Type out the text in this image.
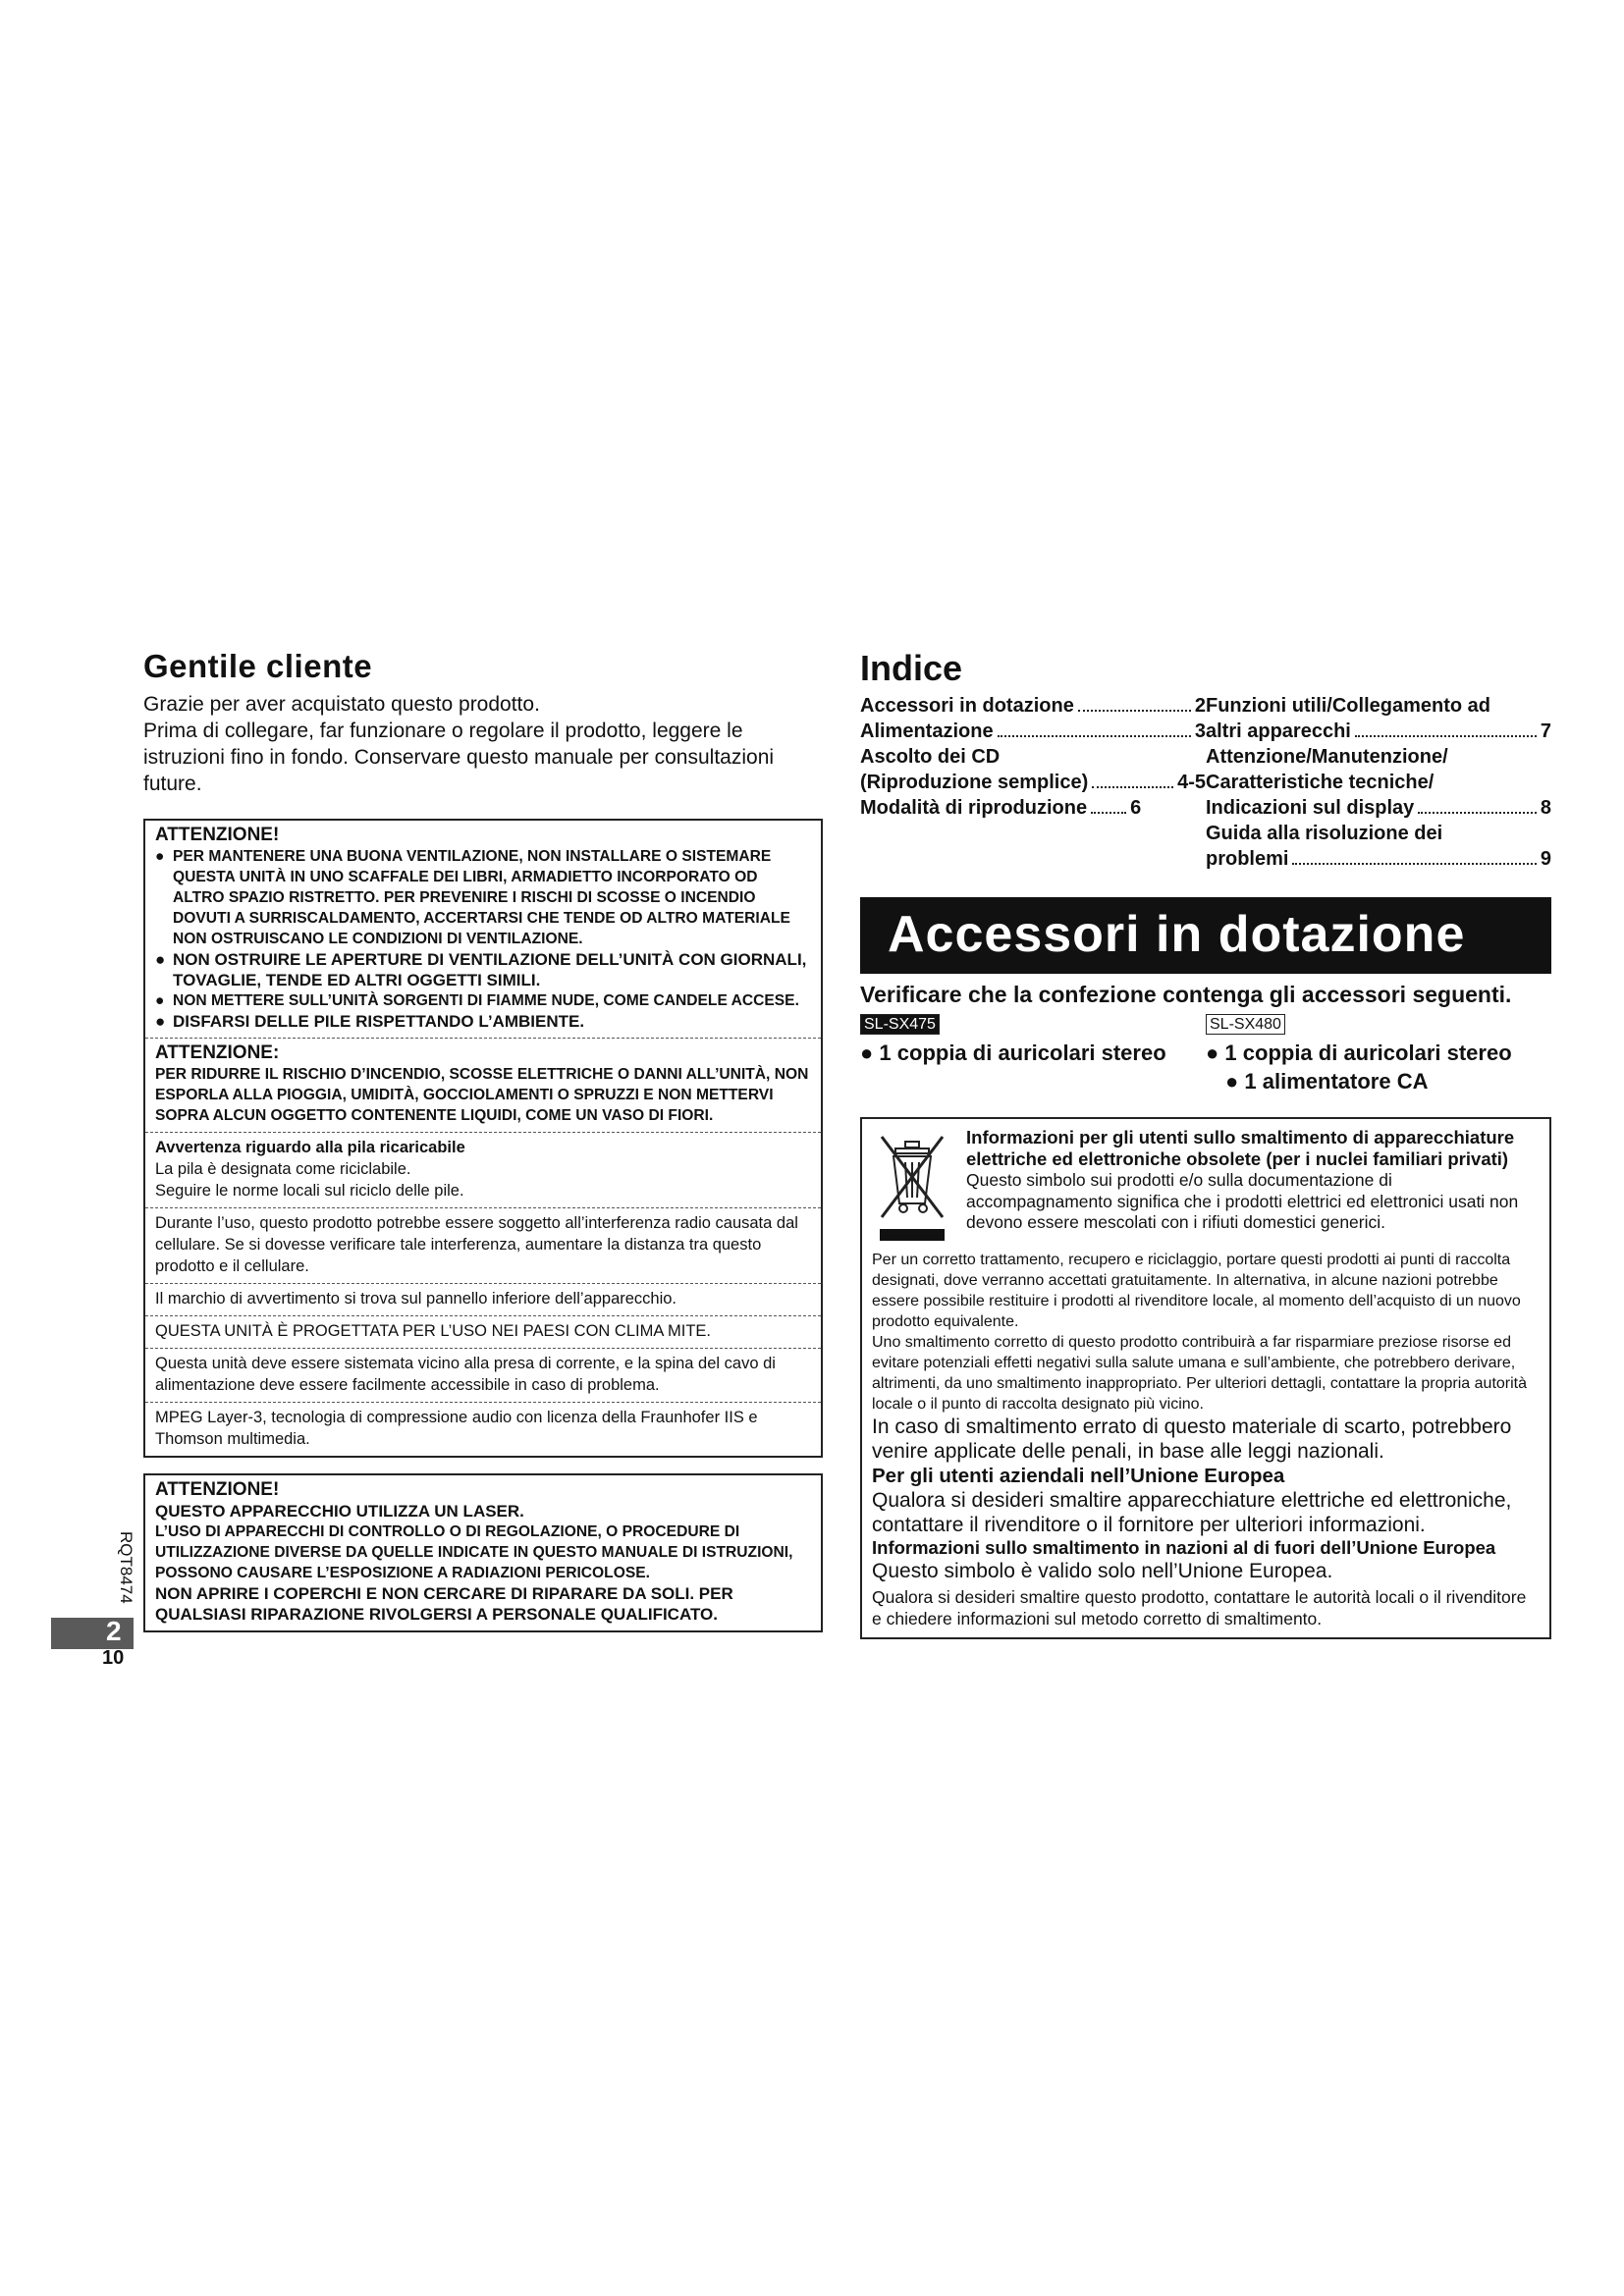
Gentile cliente
Grazie per aver acquistato questo prodotto.
Prima di collegare, far funzionare o regolare il prodotto, leggere le istruzioni fino in fondo. Conservare questo manuale per consultazioni future.
ATTENZIONE!
● PER MANTENERE UNA BUONA VENTILAZIONE, NON INSTALLARE O SISTEMARE QUESTA UNITÀ IN UNO SCAFFALE DEI LIBRI, ARMADIETTO INCORPORATO OD ALTRO SPAZIO RISTRETTO. PER PREVENIRE I RISCHI DI SCOSSE O INCENDIO DOVUTI A SURRISCALDAMENTO, ACCERTARSI CHE TENDE OD ALTRO MATERIALE NON OSTRUISCANO LE CONDIZIONI DI VENTILAZIONE.
● NON OSTRUIRE LE APERTURE DI VENTILAZIONE DELL’UNITÀ CON GIORNALI, TOVAGLIE, TENDE ED ALTRI OGGETTI SIMILI.
● NON METTERE SULL’UNITÀ SORGENTI DI FIAMME NUDE, COME CANDELE ACCESE.
● DISFARSI DELLE PILE RISPETTANDO L’AMBIENTE.
ATTENZIONE:
PER RIDURRE IL RISCHIO D’INCENDIO, SCOSSE ELETTRICHE O DANNI ALL’UNITÀ, NON ESPORLA ALLA PIOGGIA, UMIDITÀ, GOCCIOLAMENTI O SPRUZZI E NON METTERVI SOPRA ALCUN OGGETTO CONTENENTE LIQUIDI, COME UN VASO DI FIORI.
Avvertenza riguardo alla pila ricaricabile
La pila è designata come riciclabile.
Seguire le norme locali sul riciclo delle pile.
Durante l’uso, questo prodotto potrebbe essere soggetto all’interferenza radio causata dal cellulare. Se si dovesse verificare tale interferenza, aumentare la distanza tra questo prodotto e il cellulare.
Il marchio di avvertimento si trova sul pannello inferiore dell’apparecchio.
QUESTA UNITÀ È PROGETTATA PER L’USO NEI PAESI CON CLIMA MITE.
Questa unità deve essere sistemata vicino alla presa di corrente, e la spina del cavo di alimentazione deve essere facilmente accessibile in caso di problema.
MPEG Layer-3, tecnologia di compressione audio con licenza della Fraunhofer IIS e Thomson multimedia.
ATTENZIONE!
QUESTO APPARECCHIO UTILIZZA UN LASER.
L’USO DI APPARECCHI DI CONTROLLO O DI REGOLAZIONE, O PROCEDURE DI UTILIZZAZIONE DIVERSE DA QUELLE INDICATE IN QUESTO MANUALE DI ISTRUZIONI, POSSONO CAUSARE L’ESPOSIZIONE A RADIAZIONI PERICOLOSE.
NON APRIRE I COPERCHI E NON CERCARE DI RIPARARE DA SOLI. PER QUALSIASI RIPARAZIONE RIVOLGERSI A PERSONALE QUALIFICATO.
RQT8474
2
10
Indice
Accessori in dotazione	2
Alimentazione	3
Ascolto dei CD
(Riproduzione semplice)	4-5
Modalità di riproduzione 6
Funzioni utili/Collegamento ad
altri apparecchi	7
Attenzione/Manutenzione/
Caratteristiche tecniche/
Indicazioni sul display	8
Guida alla risoluzione dei
problemi	9
Accessori in dotazione
Verificare che la confezione contenga gli accessori seguenti.
SL-SX475
● 1 coppia di auricolari stereo
SL-SX480
● 1 coppia di auricolari stereo
● 1 alimentatore CA
Informazioni per gli utenti sullo smaltimento di apparecchiature elettriche ed elettroniche obsolete (per i nuclei familiari privati)
Questo simbolo sui prodotti e/o sulla documentazione di accompagnamento significa che i prodotti elettrici ed elettronici usati non devono essere mescolati con i rifiuti domestici generici.
Per un corretto trattamento, recupero e riciclaggio, portare questi prodotti ai punti di raccolta designati, dove verranno accettati gratuitamente. In alternativa, in alcune nazioni potrebbe essere possibile restituire i prodotti al rivenditore locale, al momento dell’acquisto di un nuovo prodotto equivalente.
Uno smaltimento corretto di questo prodotto contribuirà a far risparmiare preziose risorse ed evitare potenziali effetti negativi sulla salute umana e sull’ambiente, che potrebbero derivare, altrimenti, da uno smaltimento inappropriato. Per ulteriori dettagli, contattare la propria autorità locale o il punto di raccolta designato più vicino.
In caso di smaltimento errato di questo materiale di scarto, potrebbero venire applicate delle penali, in base alle leggi nazionali.
Per gli utenti aziendali nell’Unione Europea
Qualora si desideri smaltire apparecchiature elettriche ed elettroniche, contattare il rivenditore o il fornitore per ulteriori informazioni.
Informazioni sullo smaltimento in nazioni al di fuori dell’Unione Europea
Questo simbolo è valido solo nell’Unione Europea.
Qualora si desideri smaltire questo prodotto, contattare le autorità locali o il rivenditore e chiedere informazioni sul metodo corretto di smaltimento.
